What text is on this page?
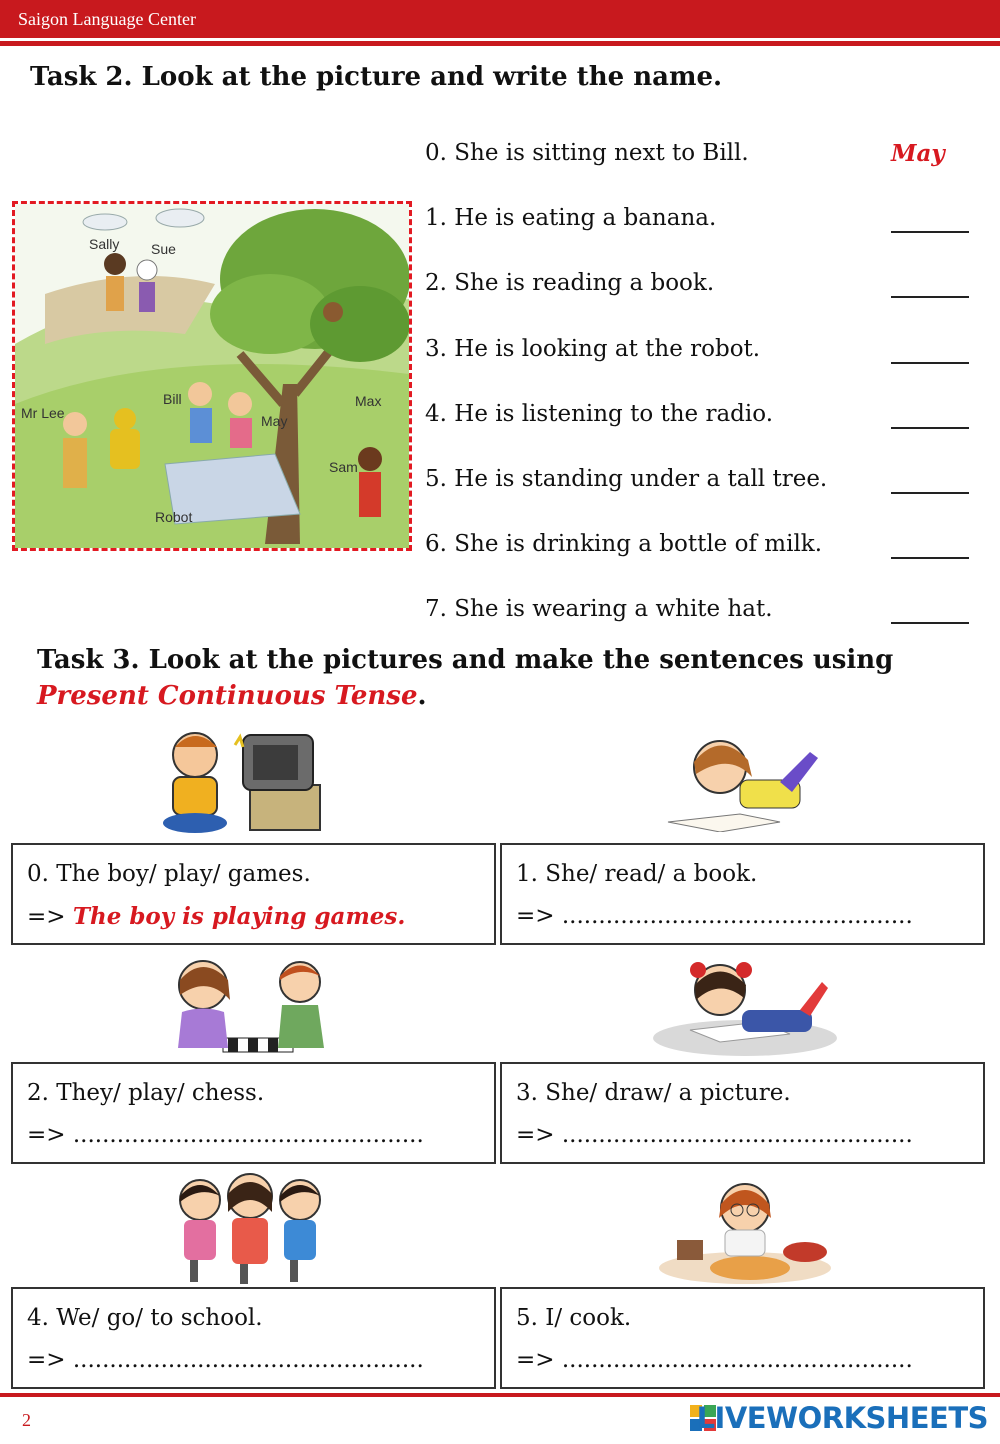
Saigon Language Center
Task 2. Look at the picture and write the name.
Sally Sue
Bill
May
Max
Mr Lee
Sam
Robot
0. She is sitting next to Bill.	May
1. He is eating a banana.
2. She is reading a book.
3. He is looking at the robot.
4. He is listening to the radio.
5. He is standing under a tall tree.
6. She is drinking a bottle of milk.
7. She is wearing a white hat.
Task 3. Look at the pictures and make the sentences using Present Continuous Tense.
0. The boy/ play/ games.
=> The boy is playing games.
1. She/ read/ a book.
=> ................................................
2. They/ play/ chess.
=> ................................................
3. She/ draw/ a picture.
=> ................................................
4. We/ go/ to school.
=> ................................................
5. I/ cook.
=> ................................................
2	LIVEWORKSHEETS
